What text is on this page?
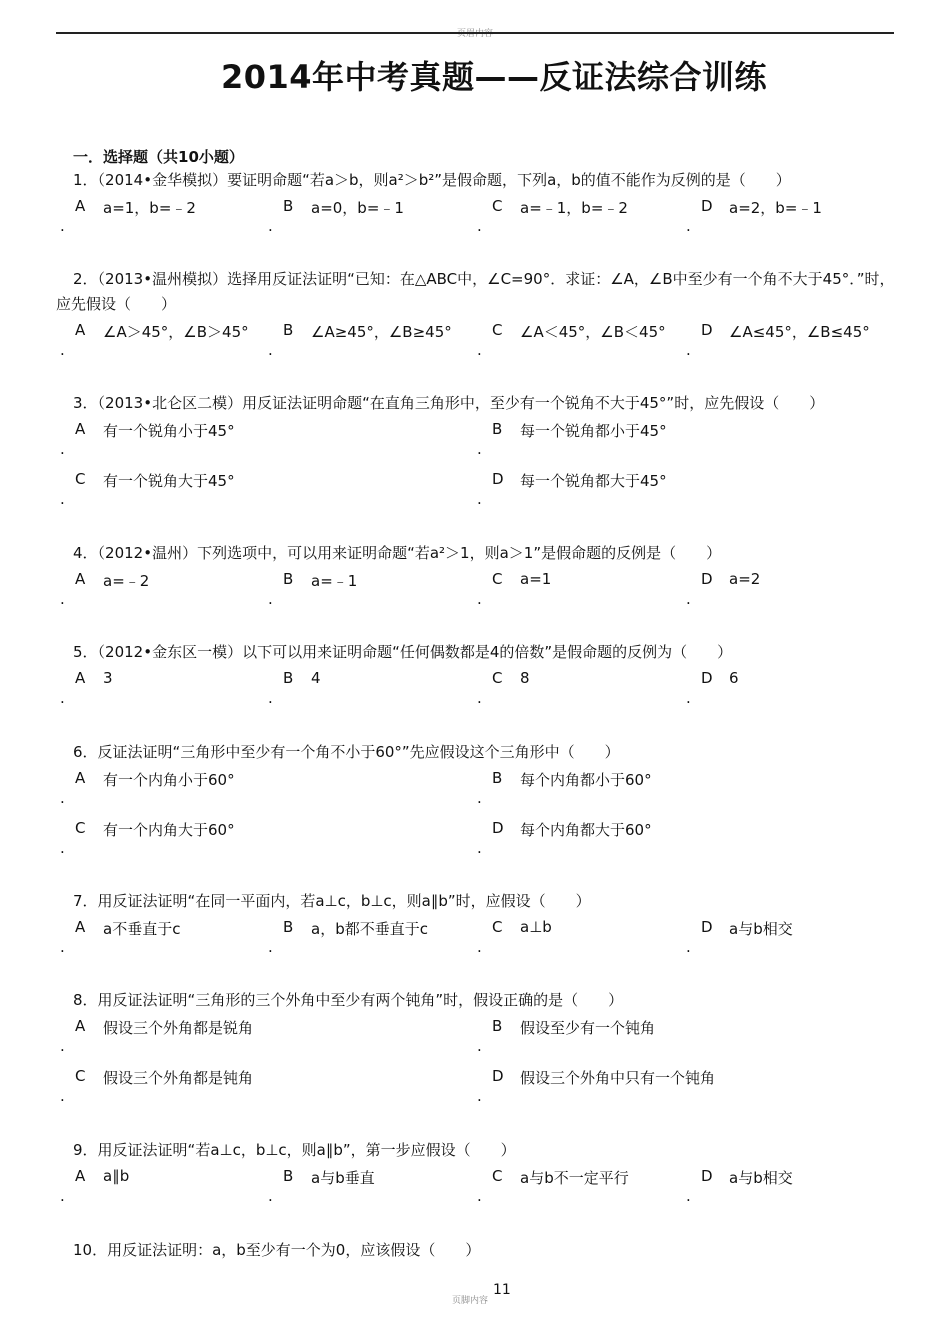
页眉内容
2014年中考真题——反证法综合训练
一．选择题（共10小题）
1．（2014•金华模拟）要证明命题“若a＞b，则a²＞b²”是假命题，下列a，b的值不能作为反例的是（　　）
A a=1，b=﹣2
.
B a=0，b=﹣1
.
C a=﹣1，b=﹣2
.
D a=2，b=﹣1
.
2．（2013•温州模拟）选择用反证法证明“已知：在△ABC中，∠C=90°．求证：∠A，∠B中至少有一个角不大于45°．”时，应先假设（　　）
A ∠A＞45°，∠B＞45°
.
B ∠A≥45°，∠B≥45°
.
C ∠A＜45°，∠B＜45°
.
D ∠A≤45°，∠B≤45°
.
3．（2013•北仑区二模）用反证法证明命题“在直角三角形中，至少有一个锐角不大于45°”时，应先假设（　　）
A 有一个锐角小于45°
.
B 每一个锐角都小于45°
.
C 有一个锐角大于45°
.
D 每一个锐角都大于45°
.
4．（2012•温州）下列选项中，可以用来证明命题“若a²＞1，则a＞1”是假命题的反例是（　　）
A a=﹣2
.
B a=﹣1
.
C a=1
.
D a=2
.
5．（2012•金东区一模）以下可以用来证明命题“任何偶数都是4的倍数”是假命题的反例为（　　）
A 3
.
B 4
.
C 8
.
D 6
.
6．反证法证明“三角形中至少有一个角不小于60°”先应假设这个三角形中（　　）
A 有一个内角小于60°
.
B 每个内角都小于60°
.
C 有一个内角大于60°
.
D 每个内角都大于60°
.
7．用反证法证明“在同一平面内，若a⊥c，b⊥c，则a∥b”时，应假设（　　）
A a不垂直于c
.
B a，b都不垂直于c
.
C a⊥b
.
D a与b相交
.
8．用反证法证明“三角形的三个外角中至少有两个钝角”时，假设正确的是（　　）
A 假设三个外角都是锐角
.
B 假设至少有一个钝角
.
C 假设三个外角都是钝角
.
D 假设三个外角中只有一个钝角
.
9．用反证法证明“若a⊥c，b⊥c，则a∥b”，第一步应假设（　　）
A a∥b
.
B a与b垂直
.
C a与b不一定平行
.
D a与b相交
.
10．用反证法证明：a，b至少有一个为0，应该假设（　　）
11
页脚内容
